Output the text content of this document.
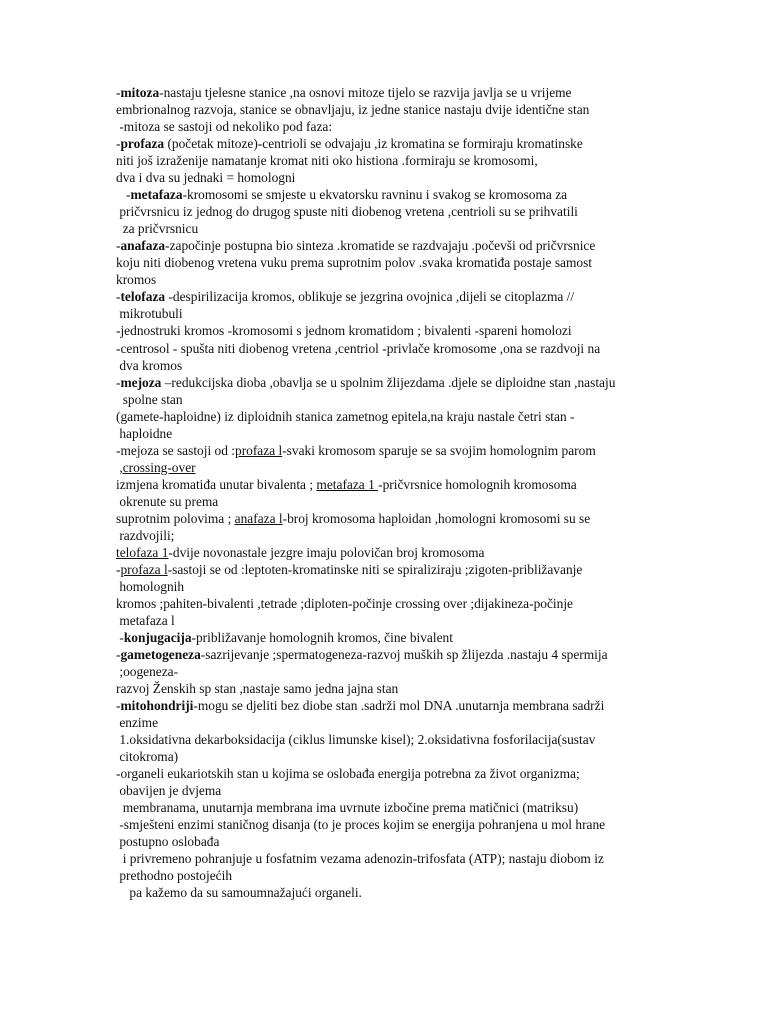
-mitoza-nastaju tjelesne stanice ,na osnovi mitoze tijelo se razvija javlja se u vrijeme
embrionalnog razvoja, stanice se obnavljaju, iz jedne stanice nastaju dvije identične stan
-mitoza se sastoji od nekoliko pod faza:
-profaza (početak mitoze)-centrioli se odvajaju ,iz kromatina se formiraju kromatinske
niti još izraženije namatanje kromat niti oko histiona .formiraju se kromosomi,
dva i dva su jednaki = homologni
-metafaza-kromosomi se smjeste u ekvatorsku ravninu i svakog se kromosoma za
pričvrsnicu iz jednog do drugog spuste niti diobenog vretena ,centrioli su se prihvatili
za pričvrsnicu
-anafaza-započinje postupna bio sinteza .kromatide se razdvajaju .počevši od pričvrsnice
koju niti diobenog vretena vuku prema suprotnim polov .svaka kromatiđa postaje samost
kromos
-telofaza -despirilizacija kromos, oblikuje se jezgrina ovojnica ,dijeli se citoplazma //
mikrotubuli
-jednostruki kromos -kromosomi s jednom kromatidom ; bivalenti -spareni homolozi
-centrosol - spušta niti diobenog vretena ,centriol -privlače kromosome ,ona se razdvoji na
dva kromos
-mejoza –redukcijska dioba ,obavlja se u spolnim žlijezdama .djele se diploidne stan ,nastaju
spolne stan
(gamete-haploidne) iz diploidnih stanica zametnog epitela,na kraju nastale četri stan -
haploidne
-mejoza se sastoji od :profaza l-svaki kromosom sparuje se sa svojim homolognim parom
,crossing-over
izmjena kromatiđa unutar bivalenta ; metafaza 1 -pričvrsnice homolognih kromosoma
okrenute su prema
suprotnim polovima ; anafaza l-broj kromosoma haploidan ,homologni kromosomi su se
razdvojili;
telofaza 1-dvije novonastale jezgre imaju polovičan broj kromosoma
-profaza l-sastoji se od :leptoten-kromatinske niti se spiraliziraju ;zigoten-približavanje
homolognih
kromos ;pahiten-bivalenti ,tetrade ;diploten-počinje crossing over ;dijakineza-počinje
metafaza l
-konjugacija-približavanje homolognih kromos, čine bivalent
-gametogeneza-sazrijevanje ;spermatogeneza-razvoj muških sp žlijezda .nastaju 4 spermija
;oogeneza-
razvoj Ženskih sp stan ,nastaje samo jedna jajna stan
-mitohondriji-mogu se djeliti bez diobe stan .sadrži mol DNA .unutarnja membrana sadrži
enzime
1.oksidativna dekarboksidacija (ciklus limunske kisel); 2.oksidativna fosforilacija(sustav
citokroma)
-organeli eukariotskih stan u kojima se oslobađa energija potrebna za život organizma;
obavijen je dvjema
membranama, unutarnja membrana ima uvrnute izbočine prema matičnici (matriksu)
-smješteni enzimi staničnog disanja (to je proces kojim se energija pohranjena u mol hrane
postupno oslobađa
i privremeno pohranjuje u fosfatnim vezama adenozin-trifosfata (ATP); nastaju diobom iz
prethodno postojećih
pa kažemo da su samoumnažajući organeli.
